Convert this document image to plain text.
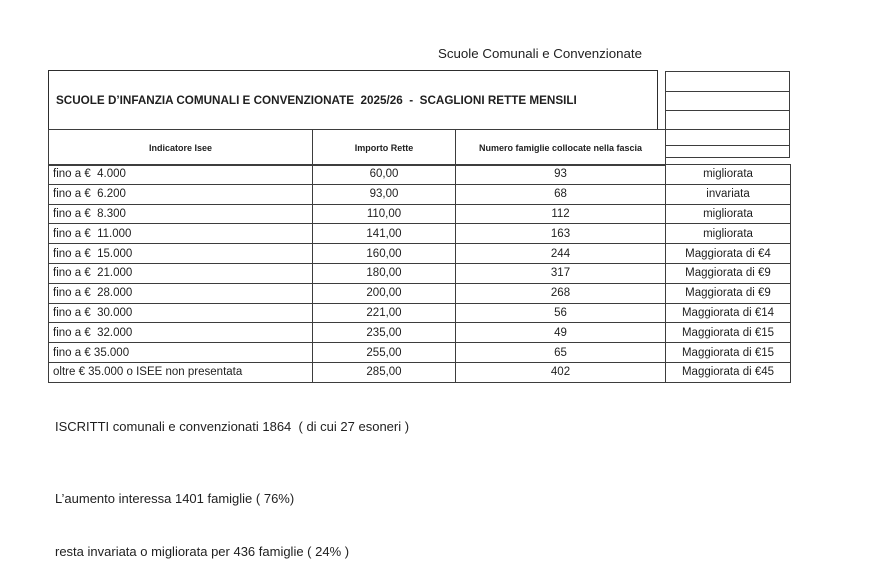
Scuole Comunali e Convenzionate
SCUOLE D’INFANZIA COMUNALI E CONVENZIONATE  2025/26  -  SCAGLIONI RETTE MENSILI

Indicatore Isee	Importo Rette	Numero famiglie collocate nella fascia
fino a €  4.000	60,00	93	migliorata
fino a €  6.200	93,00	68	invariata
fino a €  8.300	110,00	112	migliorata
fino a €  11.000	141,00	163	migliorata
fino a €  15.000	160,00	244	Maggiorata di €4
fino a €  21.000	180,00	317	Maggiorata di €9
fino a €  28.000	200,00	268	Maggiorata di €9
fino a €  30.000	221,00	56	Maggiorata di €14
fino a €  32.000	235,00	49	Maggiorata di €15
fino a € 35.000	255,00	65	Maggiorata di €15
oltre € 35.000 o ISEE non presentata	285,00	402	Maggiorata di €45
ISCRITTI comunali e convenzionati 1864  ( di cui 27 esoneri )

L’aumento interessa 1401 famiglie ( 76%)

resta invariata o migliorata per 436 famiglie ( 24% )
